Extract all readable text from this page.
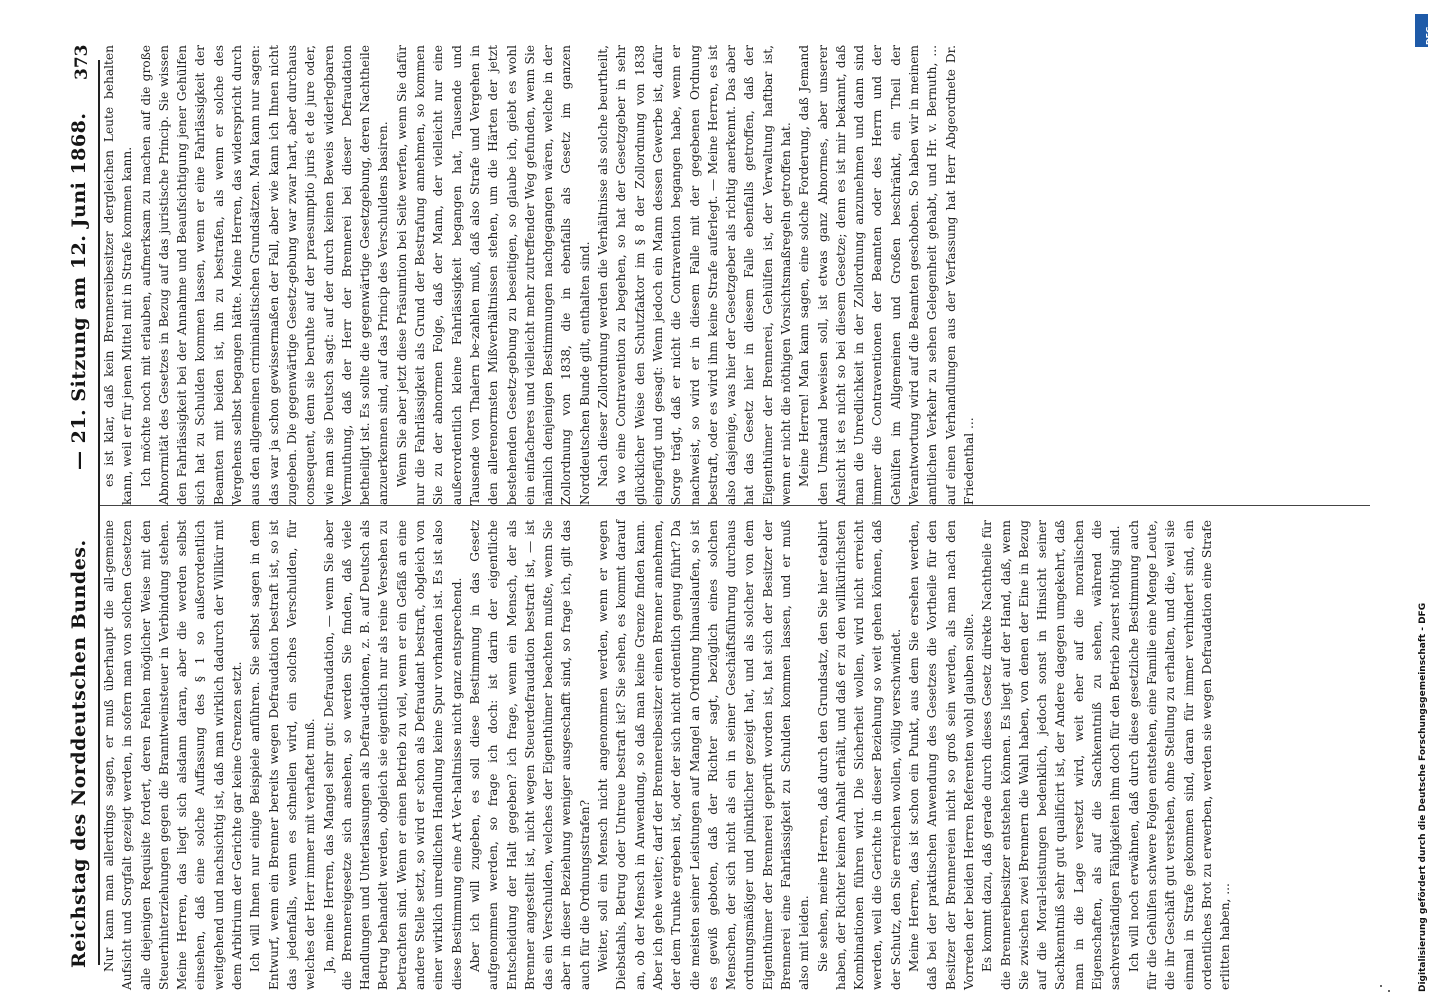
Reichstag des Norddeutschen Bundes.
— 21. Sitzung am 12. Juni 1868.
373

Nur kann man allerdings sagen, er muß überhaupt die all-gemeine Aufsicht und Sorgfalt gezeigt werden, in sofern man von solchen Gesetzen alle diejenigen Requisite fordert, deren Fehlen möglicher Weise mit den Steuerhinterziehungen gegen die Branntweinsteuer in Verbindung stehen. Meine Herren, das liegt sich alsdann daran, aber die werden selbst einsehen, daß eine solche Auffassung des § 1 so außerordentlich weitgehend und nachsichtig ist, daß man wirklich dadurch der Willkür mit dem Arbitrium der Gerichte gar keine Grenzen setzt. Ich will Ihnen nur einige Beispiele anführen. Sie selbst sagen in dem Entwurf, wenn ein Brenner bereits wegen Defraudation bestraft ist, so ist das jedenfalls, wenn es schnellen wird, ein solches Verschulden, für welches der Herr immer mit verhaftet muß. Ja, meine Herren, das Mangel sehr gut: Defraudation, — wenn Sie aber die Brennereigesetze sich ansehen, so werden Sie finden, daß viele Handlungen und Unterlassungen als Defrau-dationen, z. B. auf Deutsch als Betrug behandelt werden, obgleich sie eigentlich nur als reine Versehen zu betrachten sind. Wenn er einen Betrieb zu viel, wenn er ein Gefäß an eine andere Stelle setzt, so wird er schon als Defraudant bestraft, obgleich von einer wirklich unredlichen Handlung keine Spur vorhanden ist. Es ist also diese Bestimmung eine Art Ver-haltnisse nicht ganz entsprechend. Aber ich will zugeben, es soll diese Bestimmung in das Gesetz aufgenommen werden, so frage ich doch: ist darin der eigentliche Entscheidung der Halt gegeben? ich frage, wenn ein Mensch, der als Brenner angestellt ist, nicht wegen Steuerdefraudation bestraft ist, — ist das ein Verschulden, welches der Eigenthümer beachten mußte, wenn Sie aber in dieser Beziehung weniger ausgeschafft sind, so frage ich, gilt das auch für die Ordnungsstrafen? Weiter, soll ein Mensch nicht angenommen werden, wenn er wegen Diebstahls, Betrug oder Untreue bestraft ist? Sie sehen, es kommt darauf an, ob der Mensch in Anwendung, so daß man keine Grenze finden kann. Aber ich gehe weiter; darf der Brennereibesitzer einen Brenner annehmen, der dem Trunke ergeben ist, oder der sich nicht ordentlich genug führt? Da die meisten seiner Leistungen auf Mangel an Ordnung hinauslaufen, so ist es gewiß geboten, daß der Richter sagt, bezüglich eines solchen Menschen, der sich nicht als ein in seiner Geschäftsführung durchaus ordnungsmäßiger und pünktlicher gezeigt hat, und als solcher von dem Eigenthümer der Brennerei geprüft worden ist, hat sich der Besitzer der Brennerei eine Fahrlässigkeit zu Schulden kommen lassen, und er muß also mit leiden. Sie sehen, meine Herren, daß durch den Grundsatz, den Sie hier etablirt haben, der Richter keinen Anhalt erhält, und daß er zu den willkürlichsten Kombinationen führen wird. Die Sicherheit wollen, wird nicht erreicht werden, weil die Gerichte in dieser Beziehung so weit gehen können, daß der Schutz, den Sie erreichen wollen, völlig verschwindet. Meine Herren, das ist schon ein Punkt, aus dem Sie ersehen werden, daß bei der praktischen Anwendung des Gesetzes die Vortheile für den Besitzer der Brennereien nicht so groß sein werden, als man nach den Vorreden der beiden Herren Referenten wohl glauben sollte. Es kommt dazu, daß gerade durch dieses Gesetz direkte Nachtheile für die Brennereibesitzer entstehen können. Es liegt auf der Hand, daß, wenn Sie zwischen zwei Brennern die Wahl haben, von denen der Eine in Bezug auf die Moral-leistungen bedenklich, jedoch sonst in Hinsicht seiner Sachkenntniß sehr gut qualificirt ist, der Andere dagegen umgekehrt, daß man in die Lage versetzt wird, weit eher auf die moralischen Eigenschaften, als auf die Sachkenntniß zu sehen, während die sachverständigen Fähigkeiten ihm doch für den Betrieb zuerst nöthig sind. Ich will noch erwähnen, daß durch diese gesetzliche Bestimmung auch für die Gehülfen schwere Folgen entstehen, eine Familie eine Menge Leute, die ihr Geschäft gut verstehen, ohne Stellung zu erhalten, und die, weil sie einmal in Strafe gekommen sind, daran für immer verhindert sind, ein ordentliches Brot zu erwerben, werden sie wegen Defraudation eine Strafe erlitten haben, ...

es ist klar, daß kein Brennereibesitzer dergleichen Leute behalten kann, weil er für jenen Mittel mit in Strafe kommen kann. Ich möchte noch mit erlauben, aufmerksam zu machen auf die große Abnormität des Gesetzes in Bezug auf das juristische Princip. Sie wissen den Fahrlässigkeit bei der Annahme und Beaufsichtigung jener Gehülfen sich hat zu Schulden kommen lassen, wenn er eine Fahrlässigkeit der Beamten mit beiden ist, ihn zu bestrafen, als wenn er solche des Vergehens selbst begangen hätte. Meine Herren, das widerspricht durch aus den allgemeinen criminalistischen Grundsätzen. Man kann nur sagen: das war ja schon gewissermaßen der Fall, aber wie kann ich Ihnen nicht zugeben. Die gegenwärtige Gesetz-gebung war zwar hart, aber durchaus consequent, denn sie beruhte auf der praesumptio juris et de jure oder, wie man sie Deutsch sagt: auf der durch keinen Beweis widerlegbaren Vermuthung, daß der Herr der Brennerei bei dieser Defraudation betheiligt ist. Es sollte die gegenwärtige Gesetzgebung, deren Nachtheile anzuerkennen sind, auf das Princip des Verschuldens basiren. Wenn Sie aber jetzt diese Präsumtion bei Seite werfen, wenn Sie dafür nur die Fahrlässigkeit als Grund der Bestrafung annehmen, so kommen Sie zu der abnormen Folge, daß der Mann, der vielleicht nur eine außerordentlich kleine Fahrlässigkeit begangen hat, Tausende und Tausende von Thalern be-zahlen muß, daß also Strafe und Vergehen in den allerenormsten Mißverhältnissen stehen, um die Härten der jetzt bestehenden Gesetz-gebung zu beseitigen, so glaube ich, giebt es wohl ein einfacheres und vielleicht mehr zutreffender Weg gefunden, wenn Sie nämlich denjenigen Bestimmungen nachgegangen wären, welche in der Zollordnung von 1838, die in ebenfalls als Gesetz im ganzen Norddeutschen Bunde gilt, enthalten sind. Nach dieser Zollordnung werden die Verhältnisse als solche beurtheilt, da wo eine Contravention zu begehen, so hat der Gesetzgeber in sehr glücklicher Weise den Schutzfaktor im § 8 der Zollordnung von 1838 eingefügt und gesagt: Wenn jedoch ein Mann dessen Gewerbe ist, dafür Sorge trägt, daß er nicht die Contravention begangen habe, wenn er nachweist, so wird er in diesem Falle mit der gegebenen Ordnung bestraft, oder es wird ihm keine Strafe auferlegt. — Meine Herren, es ist also dasjenige, was hier der Gesetzgeber als richtig anerkennt. Das aber hat das Gesetz hier in diesem Falle ebenfalls getroffen, daß der Eigenthümer der Brennerei, Gehülfen ist, der Verwaltung haftbar ist, wenn er nicht die nöthigen Vorsichtsmaßregeln getroffen hat. Meine Herren! Man kann sagen, eine solche Forderung, daß Jemand den Umstand beweisen soll, ist etwas ganz Abnormes, aber unserer Ansicht ist es nicht so bei diesem Gesetze; denn es ist mir bekannt, daß man die Unredlichkeit in der Zollordnung anzunehmen und dann sind immer die Contraventionen der Beamten oder des Herrn und der Gehülfen im Allgemeinen und Großen beschränkt, ein Theil der Verantwortung wird auf die Beamten geschoben. So haben wir in meinem amtlichen Verkehr zu sehen Gelegenheit gehabt, und Hr. v. Bernuth, ... auf einen Verhandlungen aus der Verfassung hat Herr Abgeordnete Dr. Friedenthal ...

DFG
Digitalisierung gefördert durch die Deutsche Forschungsgemeinschaft - DFG
